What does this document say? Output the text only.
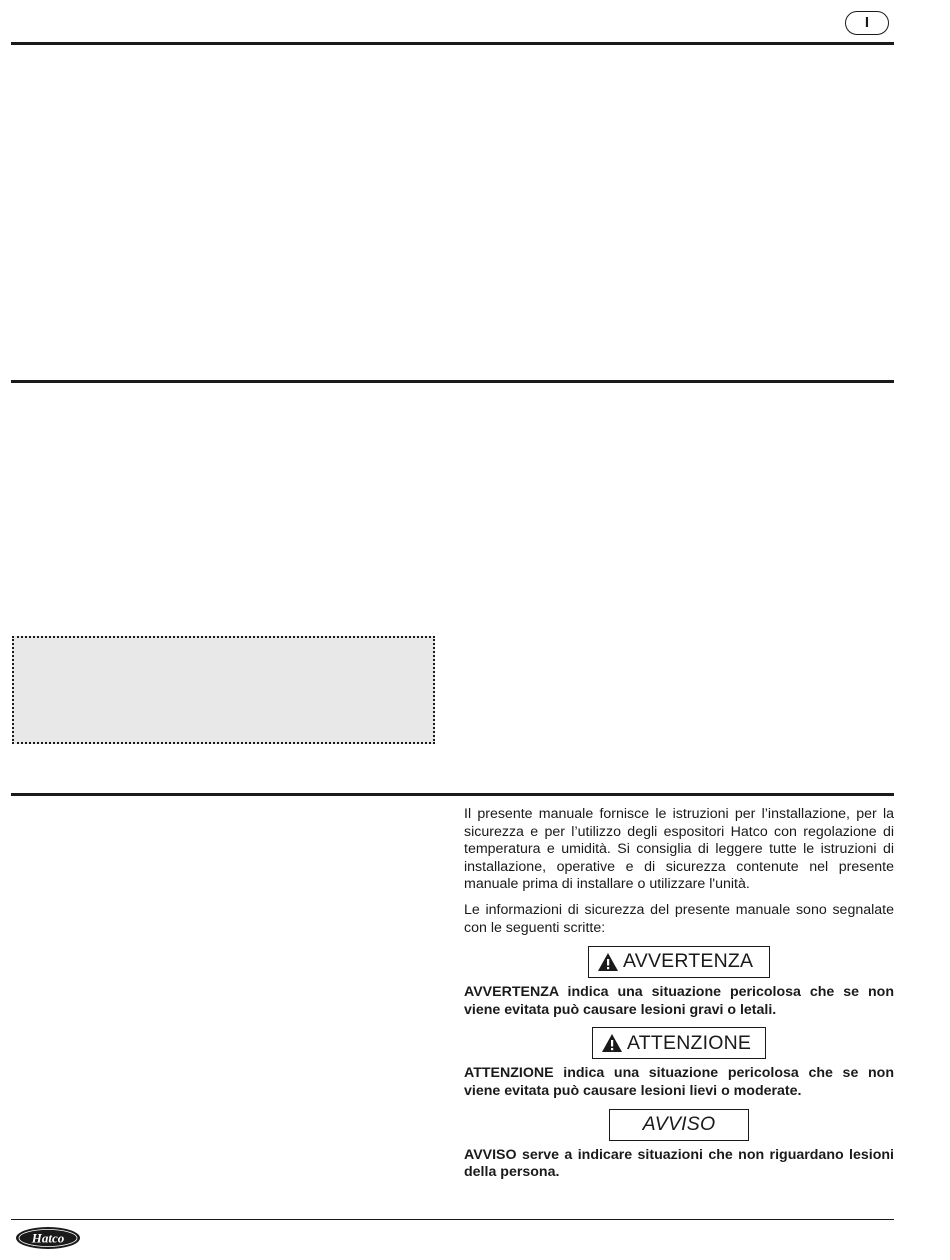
I

Il presente manuale fornisce le istruzioni per l’installazione, per la sicurezza e per l’utilizzo degli espositori Hatco con regolazione di temperatura e umidità. Si consiglia di leggere tutte le istruzioni di installazione, operative e di sicurezza contenute nel presente manuale prima di installare o utilizzare l'unità.

Le informazioni di sicurezza del presente manuale sono segnalate con le seguenti scritte:

AVVERTENZA

AVVERTENZA indica una situazione pericolosa che se non viene evitata può causare lesioni gravi o letali.

ATTENZIONE

ATTENZIONE indica una situazione pericolosa che se non viene evitata può causare lesioni lievi o moderate.

AVVISO

AVVISO serve a indicare situazioni che non riguardano lesioni della persona.

Hatco
